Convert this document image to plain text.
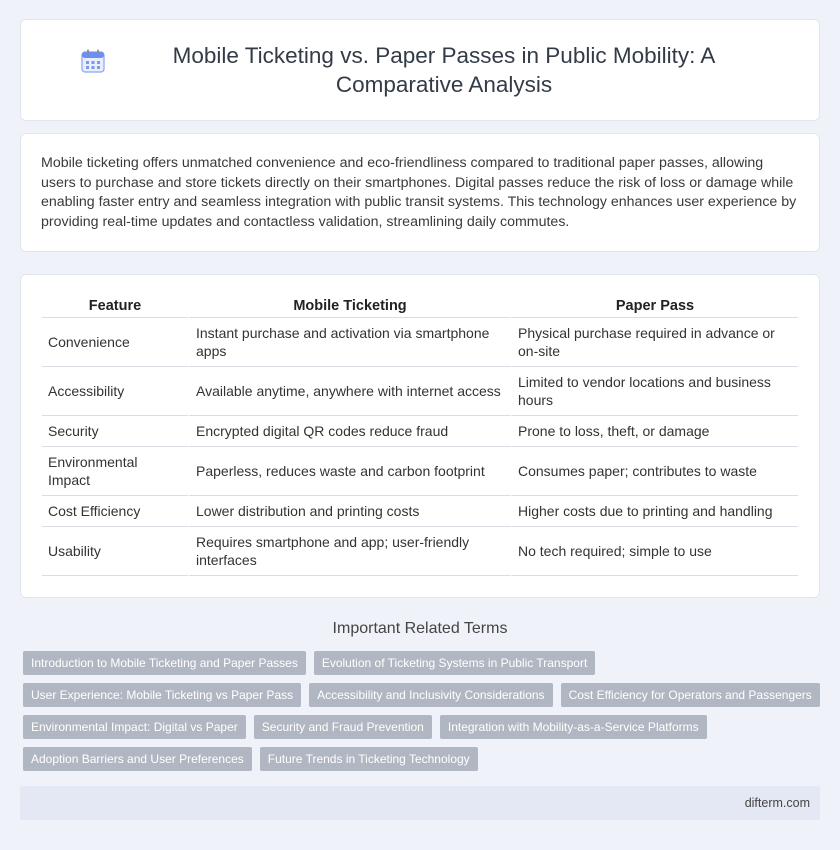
Mobile Ticketing vs. Paper Passes in Public Mobility: A Comparative Analysis

Mobile ticketing offers unmatched convenience and eco-friendliness compared to traditional paper passes, allowing users to purchase and store tickets directly on their smartphones. Digital passes reduce the risk of loss or damage while enabling faster entry and seamless integration with public transit systems. This technology enhances user experience by providing real-time updates and contactless validation, streamlining daily commutes.

Feature	Mobile Ticketing	Paper Pass
Convenience	Instant purchase and activation via smartphone apps	Physical purchase required in advance or on-site
Accessibility	Available anytime, anywhere with internet access	Limited to vendor locations and business hours
Security	Encrypted digital QR codes reduce fraud	Prone to loss, theft, or damage
Environmental Impact	Paperless, reduces waste and carbon footprint	Consumes paper; contributes to waste
Cost Efficiency	Lower distribution and printing costs	Higher costs due to printing and handling
Usability	Requires smartphone and app; user-friendly interfaces	No tech required; simple to use
Important Related Terms
Introduction to Mobile Ticketing and Paper Passes	Evolution of Ticketing Systems in Public Transport
User Experience: Mobile Ticketing vs Paper Pass	Accessibility and Inclusivity Considerations	Cost Efficiency for Operators and Passengers
Environmental Impact: Digital vs Paper	Security and Fraud Prevention	Integration with Mobility-as-a-Service Platforms
Adoption Barriers and User Preferences	Future Trends in Ticketing Technology
difterm.com
